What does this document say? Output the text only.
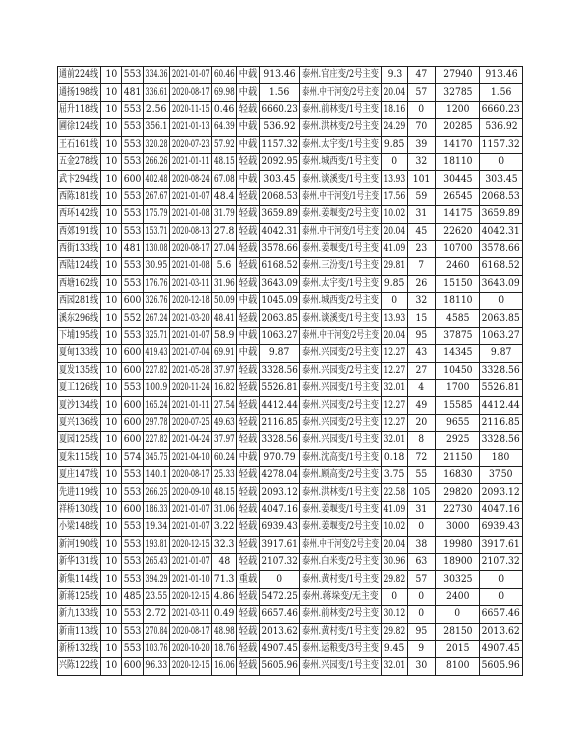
通前224线	10	553	334.36	2021-01-07	60.46	中载	913.46	泰州.官庄变/2号主变	9.3	47	27940	913.46

通扬198线	10	481	336.61	2020-08-17	69.98	中载	1.56	泰州.中干河变/2号主变	20.04	57	32785	1.56

屈升118线	10	553	2.56	2020-11-15	0.46	轻载	6660.23	泰州.前林变/1号主变	18.16	0	1200	6660.23

圃徐124线	10	553	356.1	2021-01-13	64.39	中载	536.92	泰州.洪林变/2号主变	24.29	70	20285	536.92

王石161线	10	553	320.28	2020-07-23	57.92	中载	1157.32	泰州.太宇变/1号主变	9.85	39	14170	1157.32

五金278线	10	553	266.26	2021-01-11	48.15	轻载	2092.95	泰州.城西变/1号主变	0	32	18110	0

武卞294线	10	600	402.48	2020-08-24	67.08	中载	303.45	泰州.谈溪变/1号主变	13.93	101	30445	303.45

西陈181线	10	553	267.67	2021-01-07	48.4	轻载	2068.53	泰州.中干河变/1号主变	17.56	59	26545	2068.53

西环142线	10	553	175.79	2021-01-08	31.79	轻载	3659.89	泰州.姜堰变/2号主变	10.02	31	14175	3659.89

西郊191线	10	553	153.71	2020-08-13	27.8	轻载	4042.31	泰州.中干河变/1号主变	20.04	45	22620	4042.31

西街133线	10	481	130.08	2020-08-17	27.04	轻载	3578.66	泰州.姜堰变/1号主变	41.09	23	10700	3578.66

西陆124线	10	553	30.95	2021-01-08	5.6	轻载	6168.52	泰州.三汾变/1号主变	29.81	7	2460	6168.52

西塘162线	10	553	176.76	2021-03-11	31.96	轻载	3643.09	泰州.太宇变/1号主变	9.85	26	15150	3643.09

西园281线	10	600	326.76	2020-12-18	50.09	中载	1045.09	泰州.城西变/2号主变	0	32	18110	0

溪东296线	10	552	267.24	2021-03-20	48.41	轻载	2063.85	泰州.谈溪变/1号主变	13.93	15	4585	2063.85

下埔195线	10	553	325.71	2021-01-07	58.9	中载	1063.27	泰州.中干河变/2号主变	20.04	95	37875	1063.27

夏甸133线	10	600	419.43	2021-07-04	69.91	中载	9.87	泰州.兴园变/2号主变	12.27	43	14345	9.87

夏发135线	10	600	227.82	2021-05-28	37.97	轻载	3328.56	泰州.兴园变/2号主变	12.27	27	10450	3328.56

夏工126线	10	553	100.9	2020-11-24	16.82	轻载	5526.81	泰州.兴园变/1号主变	32.01	4	1700	5526.81

夏沙134线	10	600	165.24	2021-01-11	27.54	轻载	4412.44	泰州.兴园变/2号主变	12.27	49	15585	4412.44

夏兴136线	10	600	297.78	2020-07-25	49.63	轻载	2116.85	泰州.兴园变/2号主变	12.27	20	9655	2116.85

夏园125线	10	600	227.82	2021-04-24	37.97	轻载	3328.56	泰州.兴园变/1号主变	32.01	8	2925	3328.56

夏朱115线	10	574	345.75	2021-04-10	60.24	中载	970.79	泰州.沈高变/1号主变	0.18	72	21150	180

夏庄147线	10	553	140.1	2020-08-17	25.33	轻载	4278.04	泰州.顾高变/2号主变	3.75	55	16830	3750

先进119线	10	553	266.25	2020-09-10	48.15	轻载	2093.12	泰州.洪林变/1号主变	22.58	105	29820	2093.12

祥桥130线	10	600	186.33	2021-01-07	31.06	轻载	4047.16	泰州.姜堰变/1号主变	41.09	31	22730	4047.16

小梁148线	10	553	19.34	2021-01-07	3.22	轻载	6939.43	泰州.姜堰变/2号主变	10.02	0	3000	6939.43

新河190线	10	553	193.81	2020-12-15	32.3	轻载	3917.61	泰州.中干河变/2号主变	20.04	38	19980	3917.61

新华131线	10	553	265.43	2021-01-07	48	轻载	2107.32	泰州.白米变/2号主变	30.96	63	18900	2107.32

新集114线	10	553	394.29	2021-01-10	71.3	重载	0	泰州.黄村变/1号主变	29.82	57	30325	0

新蒋125线	10	485	23.55	2020-12-15	4.86	轻载	5472.25	泰州.蒋垛变/无主变	0	0	2400	0

新九133线	10	553	2.72	2021-03-11	0.49	轻载	6657.46	泰州.前林变/2号主变	30.12	0	0	6657.46

新南113线	10	553	270.84	2020-08-17	48.98	轻载	2013.62	泰州.黄村变/1号主变	29.82	95	28150	2013.62

新桥132线	10	553	103.76	2020-10-20	18.76	轻载	4907.45	泰州.运粮变/3号主变	9.45	9	2015	4907.45

兴陈122线	10	600	96.33	2020-12-15	16.06	轻载	5605.96	泰州.兴园变/1号主变	32.01	30	8100	5605.96
